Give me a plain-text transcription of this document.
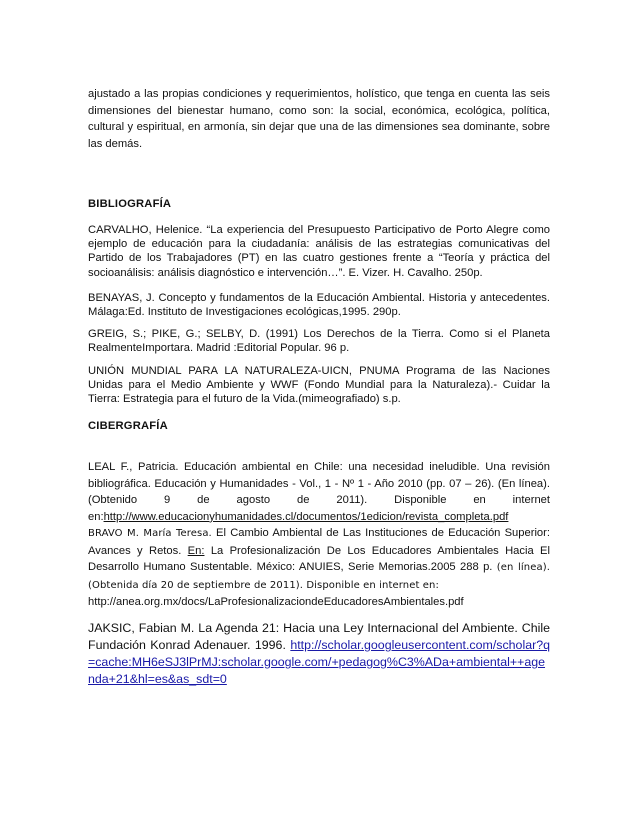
ajustado a las propias condiciones y requerimientos, holístico, que tenga en cuenta las seis dimensiones del bienestar humano, como son: la social, económica, ecológica, política, cultural y espiritual, en armonía, sin dejar que una de las dimensiones sea dominante, sobre las demás.

BIBLIOGRAFÍA

CARVALHO, Helenice. “La experiencia del Presupuesto Participativo de Porto Alegre como ejemplo de educación para la ciudadanía: análisis de las estrategias comunicativas del Partido de los Trabajadores (PT) en las cuatro gestiones frente a “Teoría y práctica del socioanálisis: análisis diagnóstico e intervención…”. E. Vizer. H. Cavalho. 250p.

BENAYAS, J. Concepto y fundamentos de la Educación Ambiental. Historia y antecedentes. Málaga:Ed. Instituto de Investigaciones ecológicas,1995. 290p.

GREIG, S.; PIKE, G.; SELBY, D. (1991) Los Derechos de la Tierra. Como si el Planeta RealmenteImportara. Madrid :Editorial Popular. 96 p.

UNIÓN MUNDIAL PARA LA NATURALEZA-UICN, PNUMA Programa de las Naciones Unidas para el Medio Ambiente y WWF (Fondo Mundial para la Naturaleza).- Cuidar la Tierra: Estrategia para el futuro de la Vida.(mimeografiado) s.p.

CIBERGRAFÍA

LEAL F., Patricia. Educación ambiental en Chile: una necesidad ineludible. Una revisión bibliográfica. Educación y Humanidades - Vol., 1 - Nº 1 - Año 2010 (pp. 07 – 26). (En línea). (Obtenido 9 de agosto de 2011). Disponible en internet en:http://www.educacionyhumanidades.cl/documentos/1edicion/revista_completa.pdf

BRAVO M. María Teresa. El Cambio Ambiental de Las Instituciones de Educación Superior: Avances y Retos. En: La Profesionalización De Los Educadores Ambientales Hacia El Desarrollo Humano Sustentable. México: ANUIES, Serie Memorias.2005 288 p. (en línea). (Obtenida día 20 de septiembre de 2011). Disponible en internet en:
http://anea.org.mx/docs/LaProfesionalizaciondeEducadoresAmbientales.pdf

JAKSIC, Fabian M. La Agenda 21: Hacia una Ley Internacional del Ambiente. Chile Fundación Konrad Adenauer. 1996. http://scholar.googleusercontent.com/scholar?q=cache:MH6eSJ3lPrMJ:scholar.google.com/+pedagog%C3%ADa+ambiental++agenda+21&hl=es&as_sdt=0
